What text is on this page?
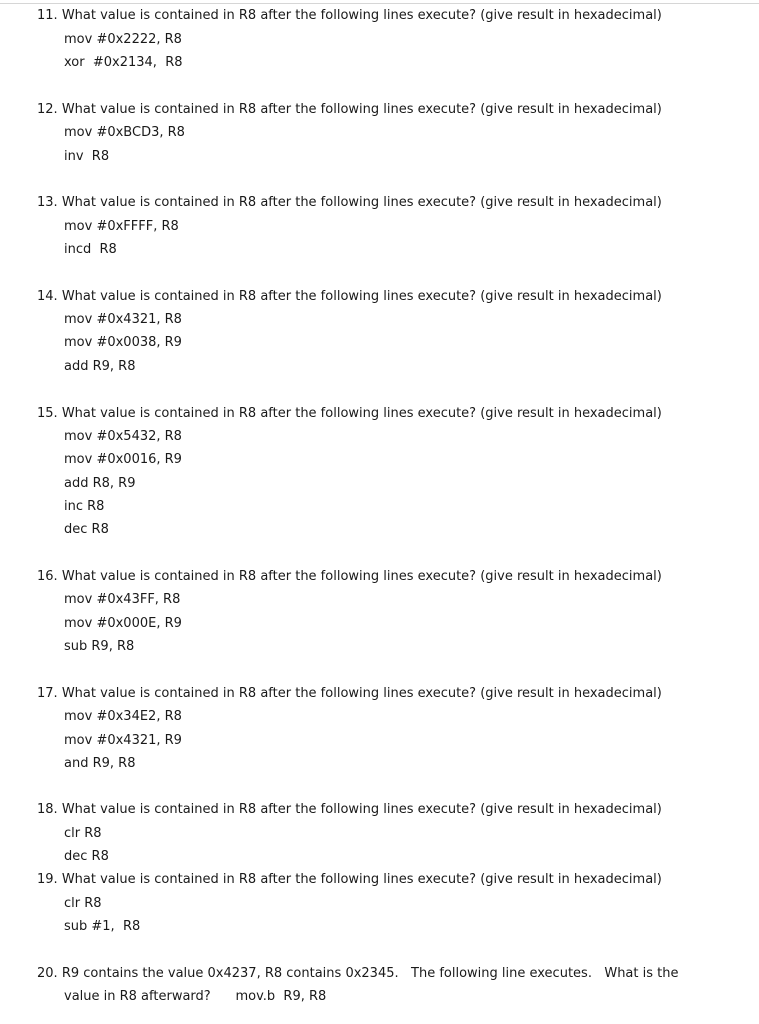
11. What value is contained in R8 after the following lines execute? (give result in hexadecimal)
mov #0x2222, R8
xor  #0x2134,  R8
12. What value is contained in R8 after the following lines execute? (give result in hexadecimal)
mov #0xBCD3, R8
inv  R8
13. What value is contained in R8 after the following lines execute? (give result in hexadecimal)
mov #0xFFFF, R8
incd  R8
14. What value is contained in R8 after the following lines execute? (give result in hexadecimal)
mov #0x4321, R8
mov #0x0038, R9
add R9, R8
15. What value is contained in R8 after the following lines execute? (give result in hexadecimal)
mov #0x5432, R8
mov #0x0016, R9
add R8, R9
inc R8
dec R8
16. What value is contained in R8 after the following lines execute? (give result in hexadecimal)
mov #0x43FF, R8
mov #0x000E, R9
sub R9, R8
17. What value is contained in R8 after the following lines execute? (give result in hexadecimal)
mov #0x34E2, R8
mov #0x4321, R9
and R9, R8
18. What value is contained in R8 after the following lines execute? (give result in hexadecimal)
clr R8
dec R8
19. What value is contained in R8 after the following lines execute? (give result in hexadecimal)
clr R8
sub #1,  R8
20. R9 contains the value 0x4237, R8 contains 0x2345.   The following line executes.   What is the
value in R8 afterward?      mov.b  R9, R8
